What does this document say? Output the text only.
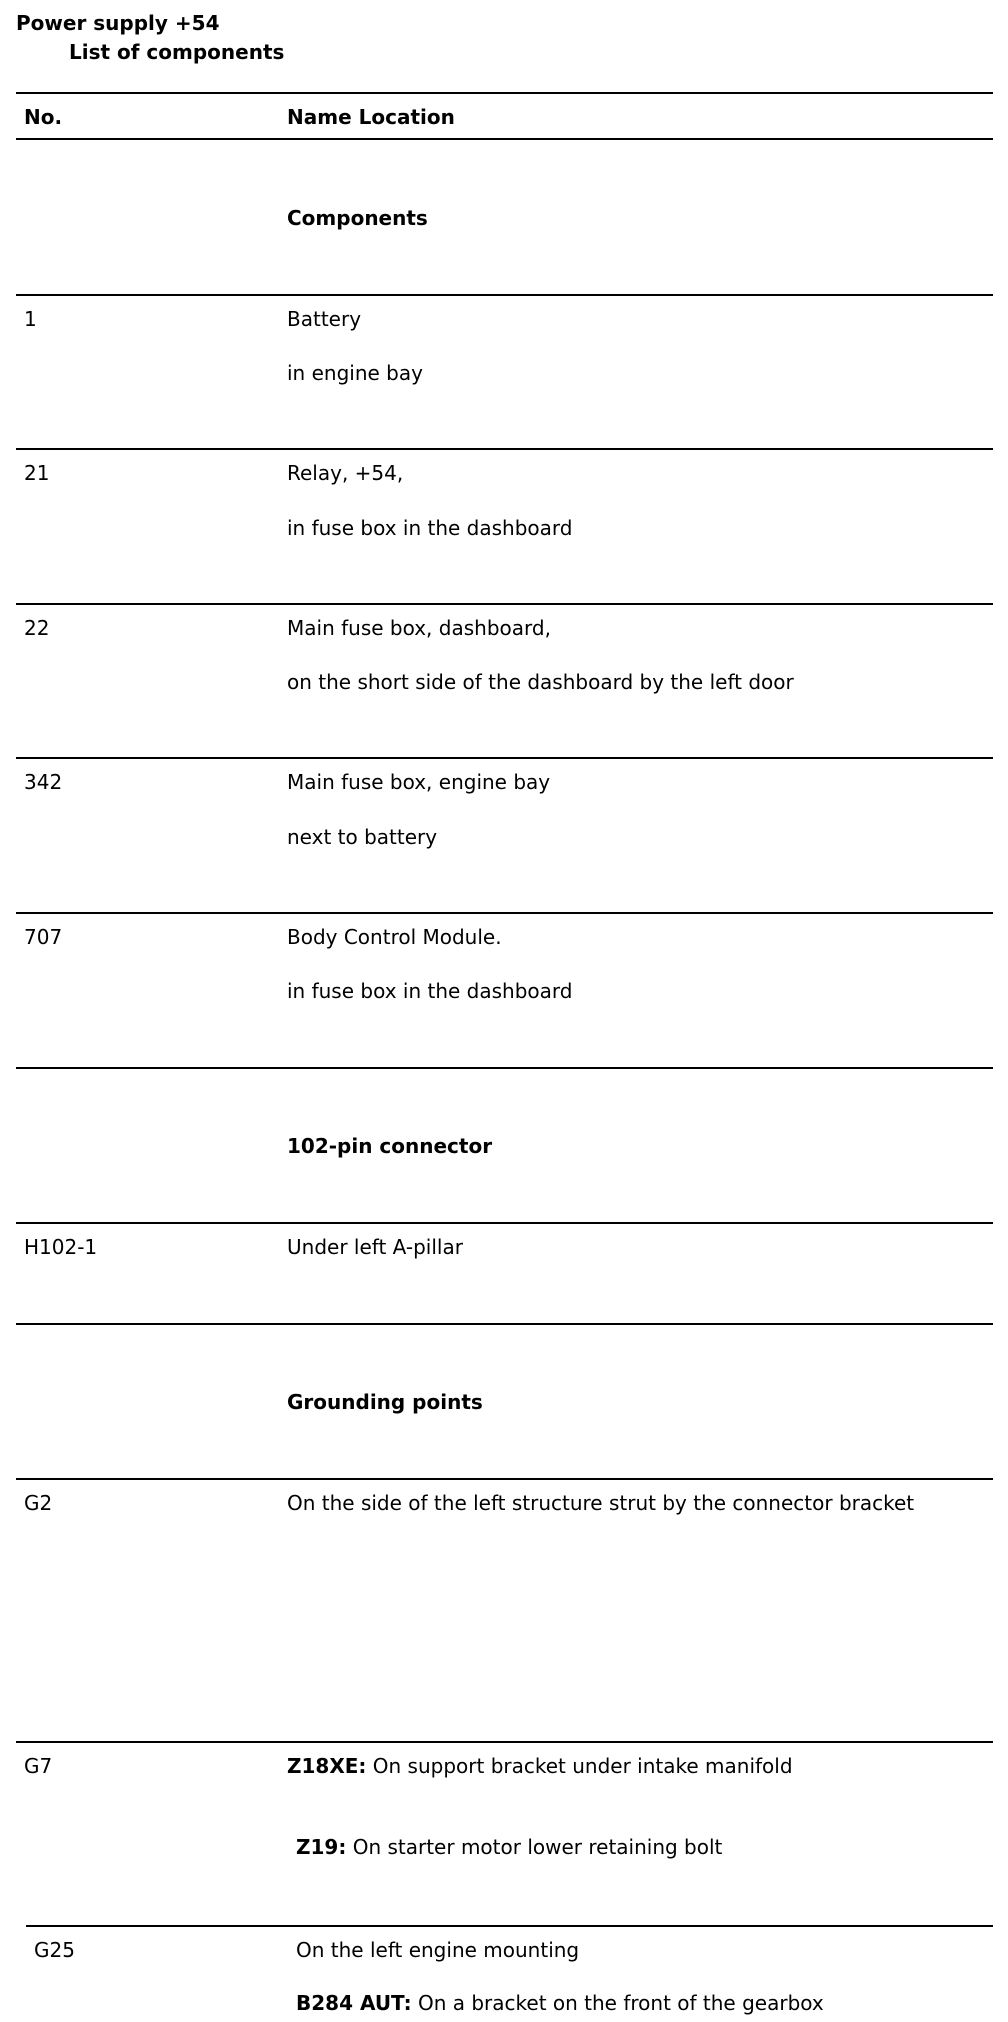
Power supply +54
List of components
No.	Name Location
Components
1	Battery
in engine bay
21	Relay, +54,
in fuse box in the dashboard
22	Main fuse box, dashboard,
on the short side of the dashboard by the left door
342	Main fuse box, engine bay
next to battery
707	Body Control Module.
in fuse box in the dashboard
102-pin connector
H102-1	Under left A-pillar
Grounding points
G2	On the side of the left structure strut by the connector bracket
G7	Z18XE: On support bracket under intake manifold
Z19: On starter motor lower retaining bolt
G25	On the left engine mounting
B284 AUT: On a bracket on the front of the gearbox
